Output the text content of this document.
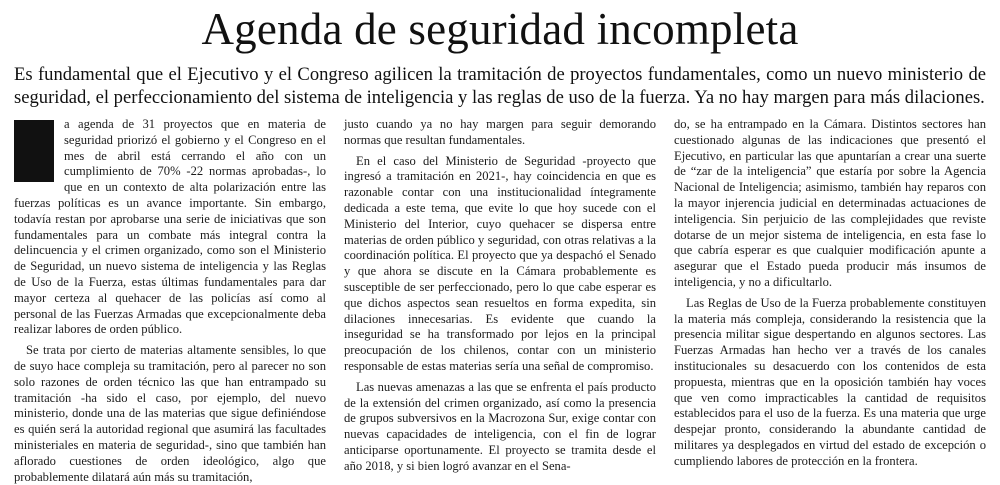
Agenda de seguridad incompleta

Es fundamental que el Ejecutivo y el Congreso agilicen la tramitación de proyectos fundamentales, como un nuevo ministerio de seguridad, el perfeccionamiento del sistema de inteligencia y las reglas de uso de la fuerza. Ya no hay margen para más dilaciones.

a agenda de 31 proyectos que en materia de seguridad priorizó el gobierno y el Congreso en el mes de abril está cerrando el año con un cumplimiento de 70% -22 normas aprobadas-, lo que en un contexto de alta polarización entre las fuerzas políticas es un avance importante. Sin embargo, todavía restan por aprobarse una serie de iniciativas que son fundamentales para un combate más integral contra la delincuencia y el crimen organizado, como son el Ministerio de Seguridad, un nuevo sistema de inteligencia y las Reglas de Uso de la Fuerza, estas últimas fundamentales para dar mayor certeza al quehacer de las policías así como al personal de las Fuerzas Armadas que excepcionalmente deba realizar labores de orden público.

Se trata por cierto de materias altamente sensibles, lo que de suyo hace compleja su tramitación, pero al parecer no son solo razones de orden técnico las que han entrampado su tramitación -ha sido el caso, por ejemplo, del nuevo ministerio, donde una de las materias que sigue definiéndose es quién será la autoridad regional que asumirá las facultades ministeriales en materia de seguridad-, sino que también han aflorado cuestiones de orden ideológico, algo que probablemente dilatará aún más su tramitación,

justo cuando ya no hay margen para seguir demorando normas que resultan fundamentales.

En el caso del Ministerio de Seguridad -proyecto que ingresó a tramitación en 2021-, hay coincidencia en que es razonable contar con una institucionalidad íntegramente dedicada a este tema, que evite lo que hoy sucede con el Ministerio del Interior, cuyo quehacer se dispersa entre materias de orden público y seguridad, con otras relativas a la coordinación política. El proyecto que ya despachó el Senado y que ahora se discute en la Cámara probablemente es susceptible de ser perfeccionado, pero lo que cabe esperar es que dichos aspectos sean resueltos en forma expedita, sin dilaciones innecesarias. Es evidente que cuando la inseguridad se ha transformado por lejos en la principal preocupación de los chilenos, contar con un ministerio responsable de estas materias sería una señal de compromiso.

Las nuevas amenazas a las que se enfrenta el país producto de la extensión del crimen organizado, así como la presencia de grupos subversivos en la Macrozona Sur, exige contar con nuevas capacidades de inteligencia, con el fin de lograr anticiparse oportunamente. El proyecto se tramita desde el año 2018, y si bien logró avanzar en el Sena-

do, se ha entrampado en la Cámara. Distintos sectores han cuestionado algunas de las indicaciones que presentó el Ejecutivo, en particular las que apuntarían a crear una suerte de “zar de la inteligencia” que estaría por sobre la Agencia Nacional de Inteligencia; asimismo, también hay reparos con la mayor injerencia judicial en determinadas actuaciones de inteligencia. Sin perjuicio de las complejidades que reviste dotarse de un mejor sistema de inteligencia, en esta fase lo que cabría esperar es que cualquier modificación apunte a asegurar que el Estado pueda producir más insumos de inteligencia, y no a dificultarlo.

Las Reglas de Uso de la Fuerza probablemente constituyen la materia más compleja, considerando la resistencia que la presencia militar sigue despertando en algunos sectores. Las Fuerzas Armadas han hecho ver a través de los canales institucionales su desacuerdo con los contenidos de esta propuesta, mientras que en la oposición también hay voces que ven como impracticables la cantidad de requisitos establecidos para el uso de la fuerza. Es una materia que urge despejar pronto, considerando la abundante cantidad de militares ya desplegados en virtud del estado de excepción o cumpliendo labores de protección en la frontera.
